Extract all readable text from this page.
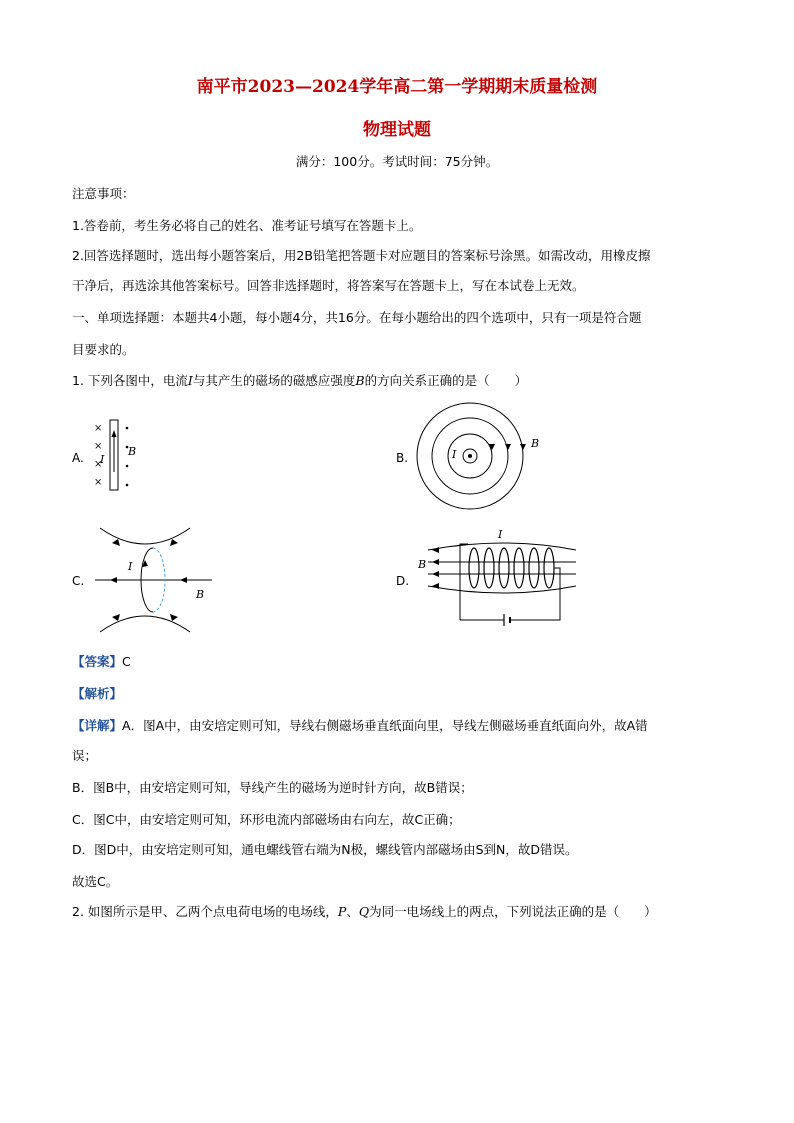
南平市2023—2024学年高二第一学期期末质量检测
物理试题
满分：100分。考试时间：75分钟。
注意事项：
1.答卷前，考生务必将自己的姓名、准考证号填写在答题卡上。
2.回答选择题时，选出每小题答案后，用2B铅笔把答题卡对应题目的答案标号涂黑。如需改动，用橡皮擦
干净后，再选涂其他答案标号。回答非选择题时，将答案写在答题卡上，写在本试卷上无效。
一、单项选择题：本题共4小题，每小题4分，共16分。在每小题给出的四个选项中，只有一项是符合题
目要求的。
1. 下列各图中，电流I与其产生的磁场的磁感应强度B的方向关系正确的是（　　）
A.
×
×
×
×
I
B	B.	I
B
C.
I
B
D.
I
B
【答案】C
【解析】
【详解】A．图A中，由安培定则可知，导线右侧磁场垂直纸面向里，导线左侧磁场垂直纸面向外，故A错
误；
B．图B中，由安培定则可知，导线产生的磁场为逆时针方向，故B错误；
C．图C中，由安培定则可知，环形电流内部磁场由右向左，故C正确；
D．图D中，由安培定则可知，通电螺线管右端为N极，螺线管内部磁场由S到N，故D错误。
故选C。
2. 如图所示是甲、乙两个点电荷电场的电场线，P、Q为同一电场线上的两点，下列说法正确的是（　　）
